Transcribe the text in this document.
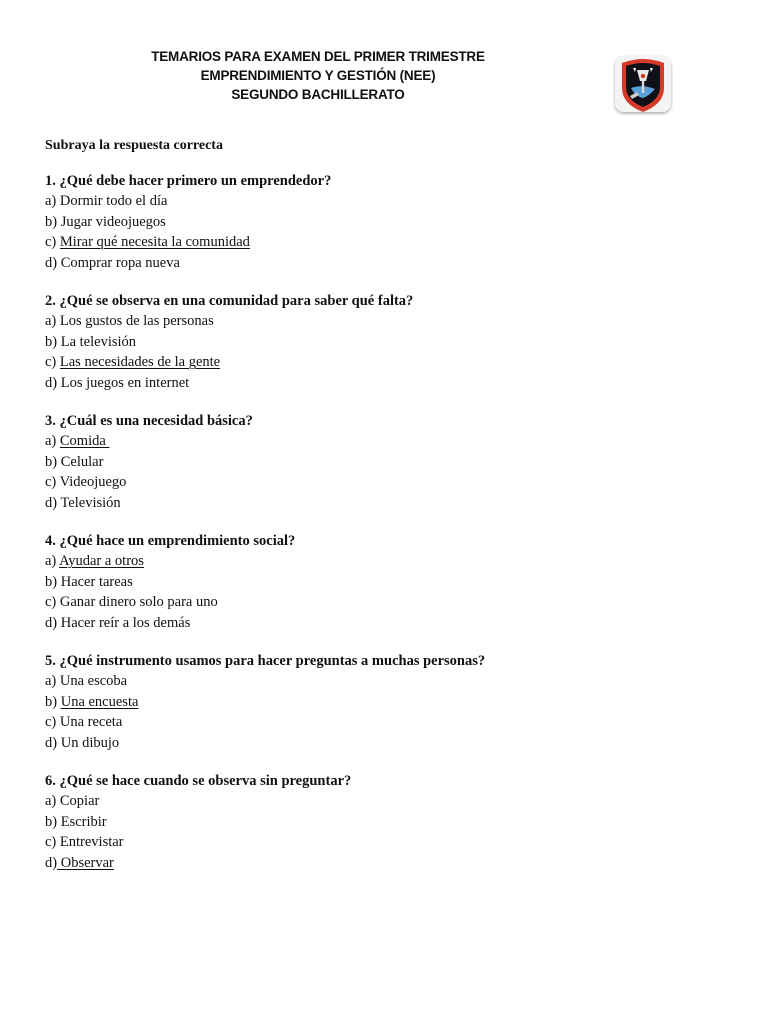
TEMARIOS PARA EXAMEN DEL PRIMER TRIMESTRE
EMPRENDIMIENTO Y GESTIÓN (NEE)
SEGUNDO BACHILLERATO
Subraya la respuesta correcta
1. ¿Qué debe hacer primero un emprendedor?
a) Dormir todo el día
b) Jugar videojuegos
c) Mirar qué necesita la comunidad
d) Comprar ropa nueva
2. ¿Qué se observa en una comunidad para saber qué falta?
a) Los gustos de las personas
b) La televisión
c) Las necesidades de la gente
d) Los juegos en internet
3. ¿Cuál es una necesidad básica?
a) Comida
b) Celular
c) Videojuego
d) Televisión
4. ¿Qué hace un emprendimiento social?
a) Ayudar a otros
b) Hacer tareas
c) Ganar dinero solo para uno
d) Hacer reír a los demás
5. ¿Qué instrumento usamos para hacer preguntas a muchas personas?
a) Una escoba
b) Una encuesta
c) Una receta
d) Un dibujo
6. ¿Qué se hace cuando se observa sin preguntar?
a) Copiar
b) Escribir
c) Entrevistar
d) Observar
